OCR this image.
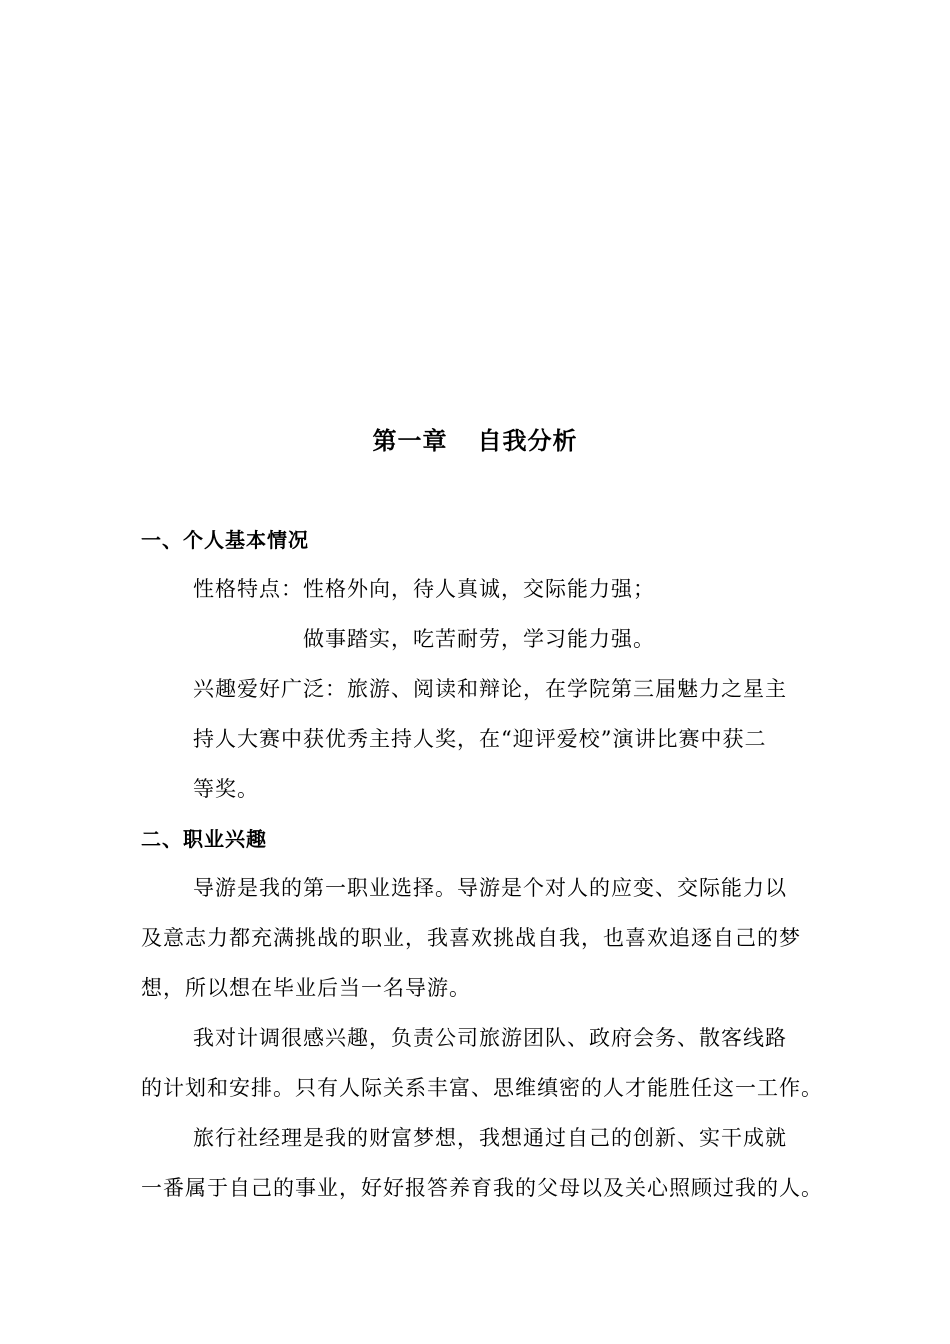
第一章 自我分析
一、个人基本情况
性格特点：性格外向，待人真诚，交际能力强；
做事踏实，吃苦耐劳，学习能力强。
兴趣爱好广泛：旅游、阅读和辩论，在学院第三届魅力之星主
持人大赛中获优秀主持人奖，在“迎评爱校”演讲比赛中获二
等奖。
二、职业兴趣
导游是我的第一职业选择。导游是个对人的应变、交际能力以
及意志力都充满挑战的职业，我喜欢挑战自我，也喜欢追逐自己的梦
想，所以想在毕业后当一名导游。
我对计调很感兴趣，负责公司旅游团队、政府会务、散客线路
的计划和安排。只有人际关系丰富、思维缜密的人才能胜任这一工作。
旅行社经理是我的财富梦想，我想通过自己的创新、实干成就
一番属于自己的事业，好好报答养育我的父母以及关心照顾过我的人。
